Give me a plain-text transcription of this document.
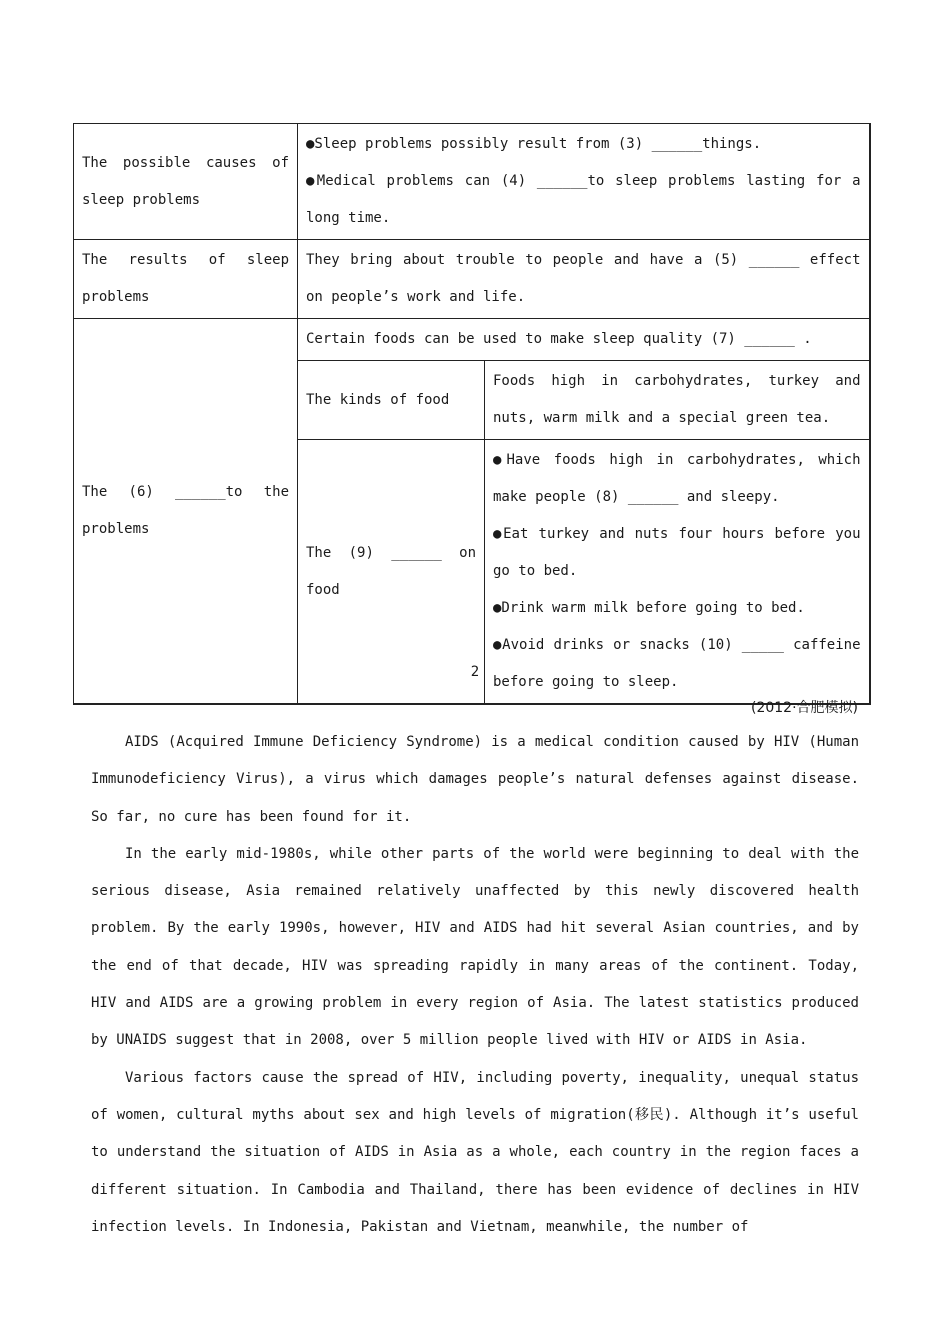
The possible causes of sleep problems	●Sleep problems possibly result from (3) ______things.
●Medical problems can (4) ______to sleep problems lasting for a long time.	

The results of sleep problems	They bring about trouble to people and have a (5) ______ effect on people’s work and life.	
The (6) ______to the problems	Certain foods can be used to make sleep quality (7) ______ .	
	The kinds of food	Foods high in carbohydrates, turkey and nuts, warm milk and a special green tea.
	The (9) ______ on food	●Have foods high in carbohydrates, which make people (8) ______ and sleepy.
●Eat turkey and nuts four hours before you go to bed.
●Drink warm milk before going to bed.
●Avoid drinks or snacks (10) _____ caffeine before going to sleep.
2
(2012·合肥模拟)

AIDS (Acquired Immune Deficiency Syndrome) is a medical condition caused by HIV (Human Immunodeficiency Virus), a virus which damages people’s natural defenses against disease. So far, no cure has been found for it.

In the early mid-1980s, while other parts of the world were beginning to deal with the serious disease, Asia remained relatively unaffected by this newly discovered health problem. By the early 1990s, however, HIV and AIDS had hit several Asian countries, and by the end of that decade, HIV was spreading rapidly in many areas of the continent. Today, HIV and AIDS are a growing problem in every region of Asia. The latest statistics produced by UNAIDS suggest that in 2008, over 5 million people lived with HIV or AIDS in Asia.

Various factors cause the spread of HIV, including poverty, inequality, unequal status of women, cultural myths about sex and high levels of migration(移民). Although it’s useful to understand the situation of AIDS in Asia as a whole, each country in the region faces a different situation. In Cambodia and Thailand, there has been evidence of declines in HIV infection levels. In Indonesia, Pakistan and Vietnam, meanwhile, the number of
